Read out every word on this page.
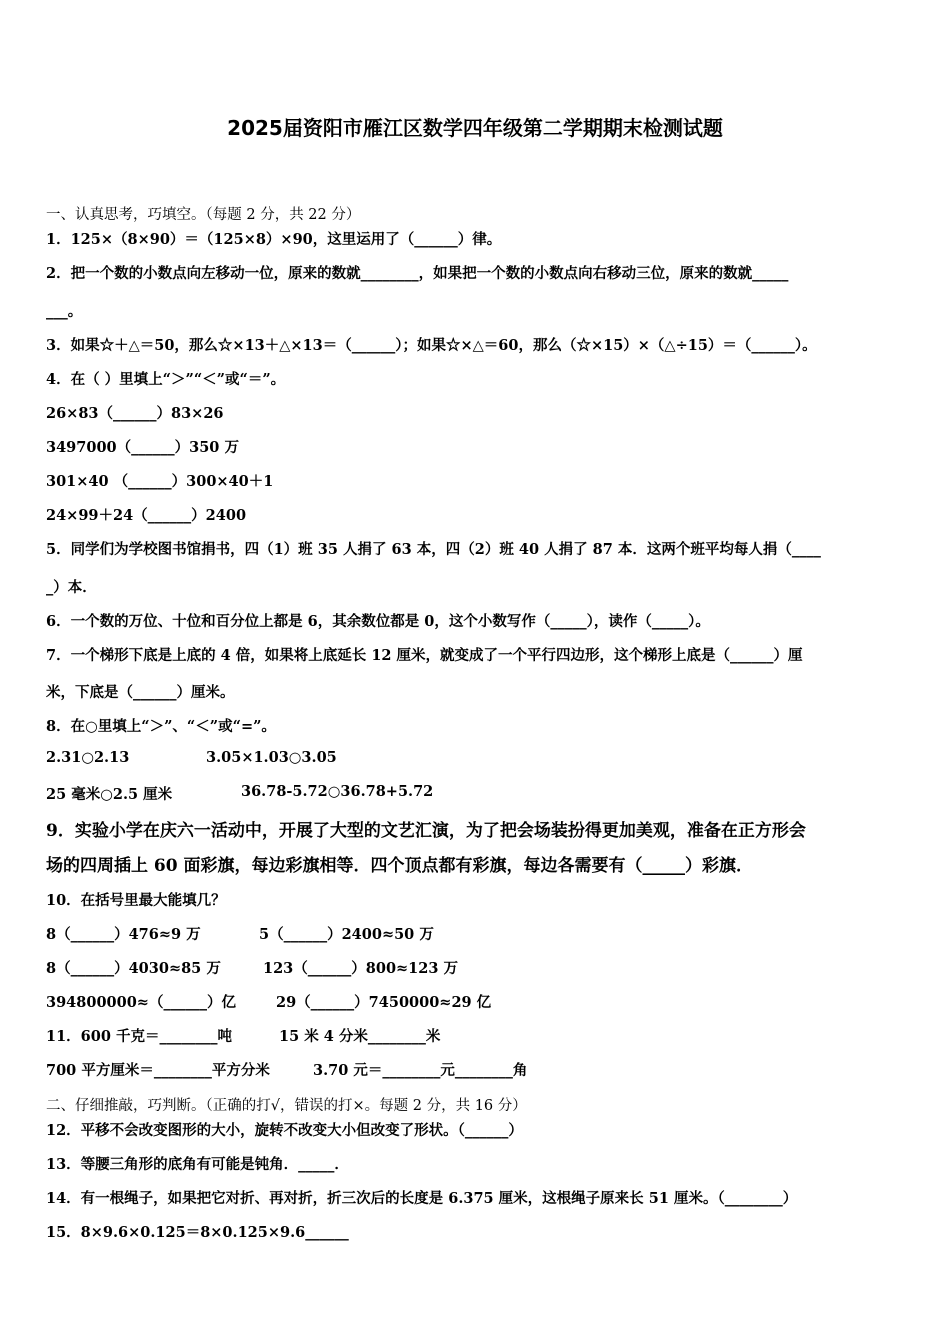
2025届资阳市雁江区数学四年级第二学期期末检测试题
一、认真思考，巧填空。（每题 2 分，共 22 分）
1．125×（8×90）＝（125×8）×90，这里运用了（______）律。
2．把一个数的小数点向左移动一位，原来的数就________，如果把一个数的小数点向右移动三位，原来的数就_____
___。
3．如果☆＋△＝50，那么☆×13＋△×13＝（______）；如果☆×△＝60，那么（☆×15）×（△÷15）＝（______）。
4．在（ ）里填上“＞”“＜”或“＝”。
26×83（______）83×26
3497000（______）350 万
301×40 （______）300×40＋1
24×99＋24（______）2400
5．同学们为学校图书馆捐书，四（1）班 35 人捐了 63 本，四（2）班 40 人捐了 87 本．这两个班平均每人捐（____
_）本．
6．一个数的万位、十位和百分位上都是 6，其余数位都是 0，这个小数写作（_____），读作（_____）。
7．一个梯形下底是上底的 4 倍，如果将上底延长 12 厘米，就变成了一个平行四边形，这个梯形上底是（______）厘
米，下底是（______）厘米。
8．在○里填上“＞”、“＜”或“=”。
2.31○2.13	3.05×1.03○3.05
25 毫米○2.5 厘米	36.78-5.72○36.78+5.72
9．实验小学在庆六一活动中，开展了大型的文艺汇演，为了把会场装扮得更加美观，准备在正方形会
场的四周插上 60 面彩旗，每边彩旗相等．四个顶点都有彩旗，每边各需要有（_____）彩旗．
10．在括号里最大能填几？
8（______）476≈9 万	5（______）2400≈50 万
8（______）4030≈85 万	123（______）800≈123 万
394800000≈（______）亿	29（______）7450000≈29 亿
11．600 千克＝________吨	15 米 4 分米________米
700 平方厘米＝________平方分米	3.70 元＝________元________角
二、仔细推敲，巧判断。（正确的打√，错误的打×。每题 2 分，共 16 分）
12．平移不会改变图形的大小，旋转不改变大小但改变了形状。（______）
13．等腰三角形的底角有可能是钝角．_____．
14．有一根绳子，如果把它对折、再对折，折三次后的长度是 6.375 厘米，这根绳子原来长 51 厘米。（________）
15．8×9.6×0.125＝8×0.125×9.6______
